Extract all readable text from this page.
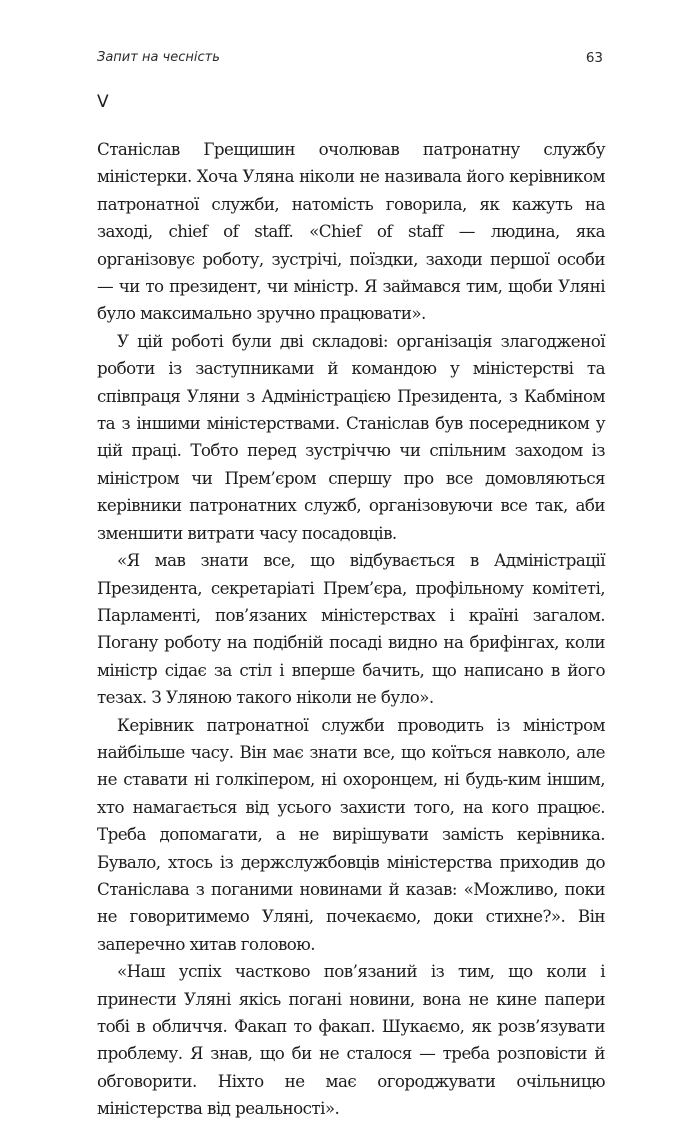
Запит на чесність	63
V

Станіслав Грещишин очолював патронатну службу міністерки. Хоча Уляна ніколи не називала його керівником патронатної служби, натомість говорила, як кажуть на заході, chief of staff. «Chief of staff — людина, яка організовує роботу, зустрічі, поїздки, заходи першої особи — чи то президент, чи міністр. Я займався тим, щоби Уляні було максимально зручно працювати».

У цій роботі були дві складові: організація злагодженої роботи із заступниками й командою у міністерстві та співпраця Уляни з Адміністрацією Президента, з Кабміном та з іншими міністерствами. Станіслав був посередником у цій праці. Тобто перед зустріччю чи спільним заходом із міністром чи Прем’єром спершу про все домовляються керівники патронатних служб, організовуючи все так, аби зменшити витрати часу посадовців.

«Я мав знати все, що відбувається в Адміністрації Президента, секретаріаті Прем’єра, профільному комітеті, Парламенті, пов’язаних міністерствах і країні загалом. Погану роботу на подібній посаді видно на брифінгах, коли міністр сідає за стіл і вперше бачить, що написано в його тезах. З Уляною такого ніколи не було».

Керівник патронатної служби проводить із міністром найбільше часу. Він має знати все, що коїться навколо, але не ставати ні голкіпером, ні охоронцем, ні будь-ким іншим, хто намагається від усього захисти того, на кого працює. Треба допомагати, а не вирішувати замість керівника. Бувало, хтось із держслужбовців міністерства приходив до Станіслава з поганими новинами й казав: «Можливо, поки не говоритимемо Уляні, почекаємо, доки стихне?». Він заперечно хитав головою.

«Наш успіх частково пов’язаний із тим, що коли і принести Уляні якісь погані новини, вона не кине папери тобі в обличчя. Факап то факап. Шукаємо, як розв’язувати проблему. Я знав, що би не сталося — треба розповісти й обговорити. Ніхто не має огороджувати очільницю міністерства від реальності».
